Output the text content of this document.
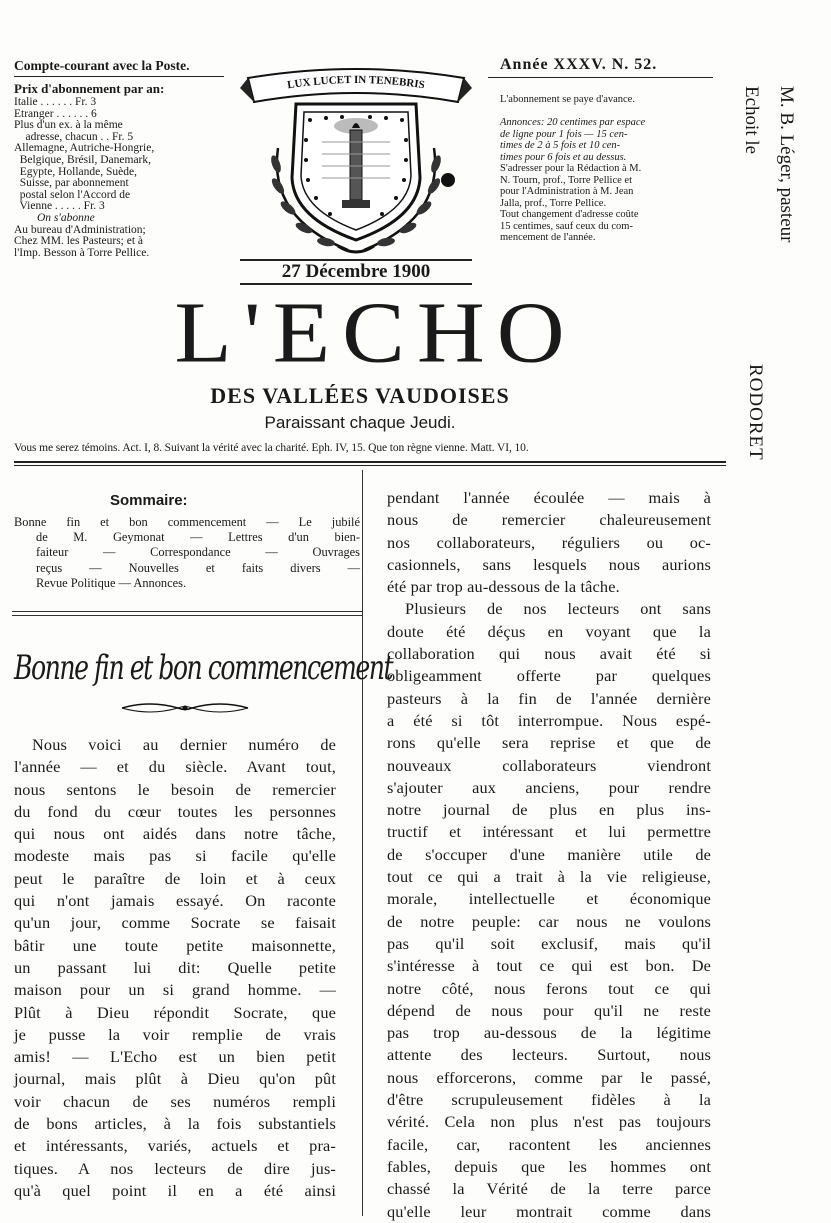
Compte-courant avec la Poste.
Prix d'abonnement par an:
Italie . . . . . . Fr. 3
Etranger . . . . . . 6
Plus d'un ex. à la même
adresse, chacun . . Fr. 5
Allemagne, Autriche-Hongrie,
Belgique, Brésil, Danemark,
Egypte, Hollande, Suède,
Suisse, par abonnement
postal selon l'Accord de
Vienne . . . . . Fr. 3
On s'abonne
Au bureau d'Administration;
Chez MM. les Pasteurs; et à
l'Imp. Besson à Torre Pellice.
Année XXXV. N. 52.
L'abonnement se paye d'avance.
Annonces: 20 centimes par espace
de ligne pour 1 fois — 15 cen-
times de 2 à 5 fois et 10 cen-
times pour 6 fois et au dessus.
S'adresser pour la Rédaction à M.
N. Tourn, prof., Torre Pellice et
pour l'Administration à M. Jean
Jalla, prof., Torre Pellice.
Tout changement d'adresse coûte
15 centimes, sauf ceux du com-
mencement de l'année.
LUX LUCET IN TENEBRIS
27 Décembre 1900
L'ECHO
DES VALLÉES VAUDOISES
Paraissant chaque Jeudi.
Vous me serez témoins. Act. I, 8. Suivant la vérité avec la charité. Eph. IV, 15. Que ton règne vienne. Matt. VI, 10.
M. B. Léger, pasteur
Echoit le
RODORET
Sommaire:
Bonne fin et bon commencement — Le jubilé
de M. Geymonat — Lettres d'un bien-
faiteur — Correspondance — Ouvrages
reçus — Nouvelles et faits divers —
Revue Politique — Annonces.
Bonne fin et bon commencement
Nous voici au dernier numéro de
l'année — et du siècle. Avant tout,
nous sentons le besoin de remercier
du fond du cœur toutes les personnes
qui nous ont aidés dans notre tâche,
modeste mais pas si facile qu'elle
peut le paraître de loin et à ceux
qui n'ont jamais essayé. On raconte
qu'un jour, comme Socrate se faisait
bâtir une toute petite maisonnette,
un passant lui dit: Quelle petite
maison pour un si grand homme. —
Plût à Dieu répondit Socrate, que
je pusse la voir remplie de vrais
amis! — L'Echo est un bien petit
journal, mais plût à Dieu qu'on pût
voir chacun de ses numéros rempli
de bons articles, à la fois substantiels
et intéressants, variés, actuels et pra-
tiques. A nos lecteurs de dire jus-
qu'à quel point il en a été ainsi
pendant l'année écoulée — mais à
nous de remercier chaleureusement
nos collaborateurs, réguliers ou oc-
casionnels, sans lesquels nous aurions
été par trop au-dessous de la tâche.
Plusieurs de nos lecteurs ont sans
doute été déçus en voyant que la
collaboration qui nous avait été si
obligeamment offerte par quelques
pasteurs à la fin de l'année dernière
a été si tôt interrompue. Nous espé-
rons qu'elle sera reprise et que de
nouveaux collaborateurs viendront
s'ajouter aux anciens, pour rendre
notre journal de plus en plus ins-
tructif et intéressant et lui permettre
de s'occuper d'une manière utile de
tout ce qui a trait à la vie religieuse,
morale, intellectuelle et économique
de notre peuple: car nous ne voulons
pas qu'il soit exclusif, mais qu'il
s'intéresse à tout ce qui est bon. De
notre côté, nous ferons tout ce qui
dépend de nous pour qu'il ne reste
pas trop au-dessous de la légitime
attente des lecteurs. Surtout, nous
nous efforcerons, comme par le passé,
d'être scrupuleusement fidèles à la
vérité. Cela non plus n'est pas toujours
facile, car, racontent les anciennes
fables, depuis que les hommes ont
chassé la Vérité de la terre parce
qu'elle leur montrait comme dans
